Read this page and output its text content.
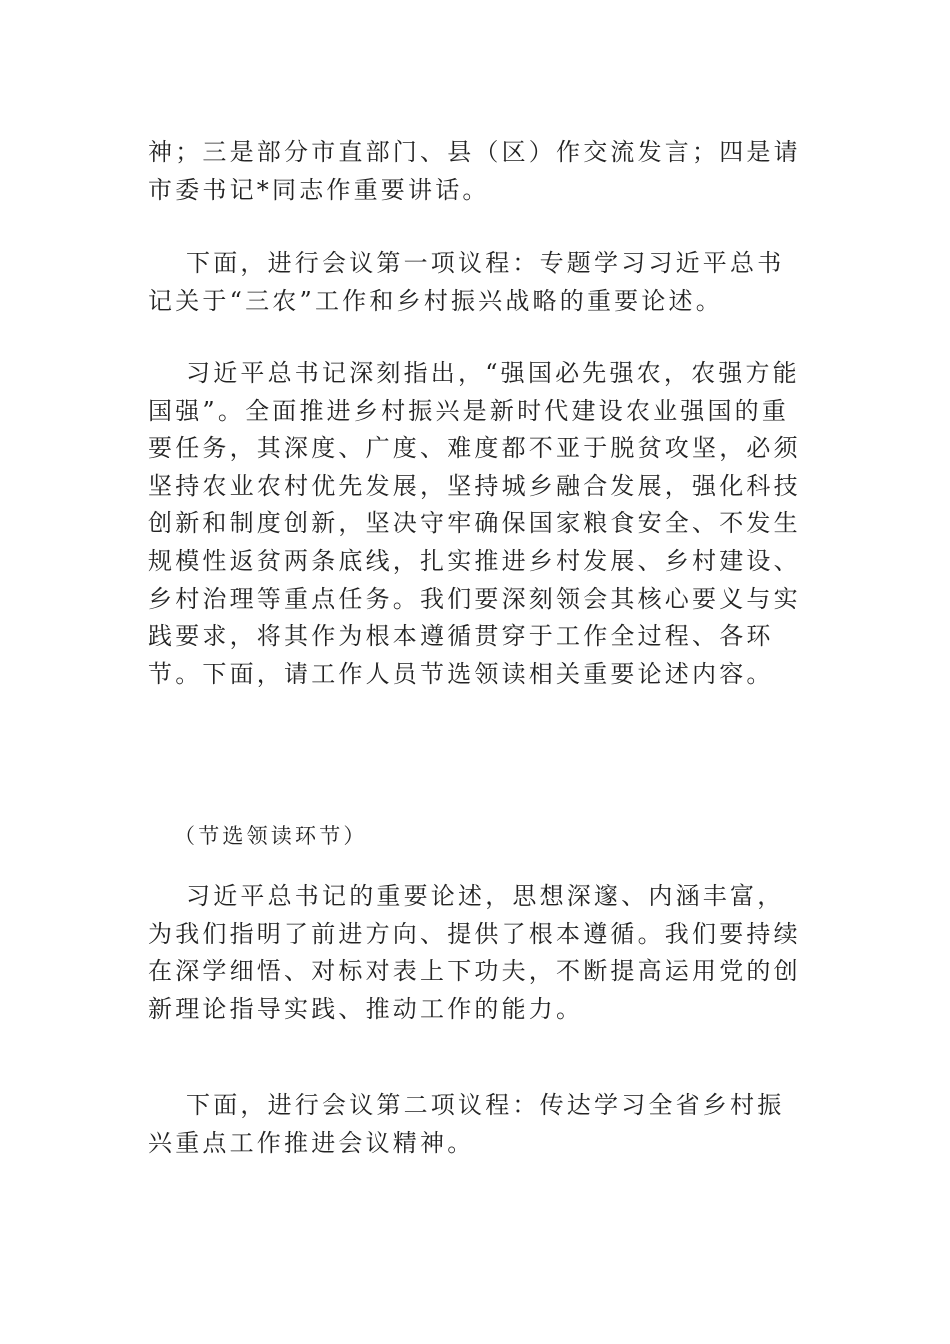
神；三是部分市直部门、县（区）作交流发言；四是请市委书记*同志作重要讲话。

下面，进行会议第一项议程：专题学习习近平总书记关于“三农”工作和乡村振兴战略的重要论述。

习近平总书记深刻指出，“强国必先强农，农强方能国强”。全面推进乡村振兴是新时代建设农业强国的重要任务，其深度、广度、难度都不亚于脱贫攻坚，必须坚持农业农村优先发展，坚持城乡融合发展，强化科技创新和制度创新，坚决守牢确保国家粮食安全、不发生规模性返贫两条底线，扎实推进乡村发展、乡村建设、乡村治理等重点任务。我们要深刻领会其核心要义与实践要求，将其作为根本遵循贯穿于工作全过程、各环节。下面，请工作人员节选领读相关重要论述内容。

（节选领读环节）

习近平总书记的重要论述，思想深邃、内涵丰富，为我们指明了前进方向、提供了根本遵循。我们要持续在深学细悟、对标对表上下功夫，不断提高运用党的创新理论指导实践、推动工作的能力。

下面，进行会议第二项议程：传达学习全省乡村振兴重点工作推进会议精神。
